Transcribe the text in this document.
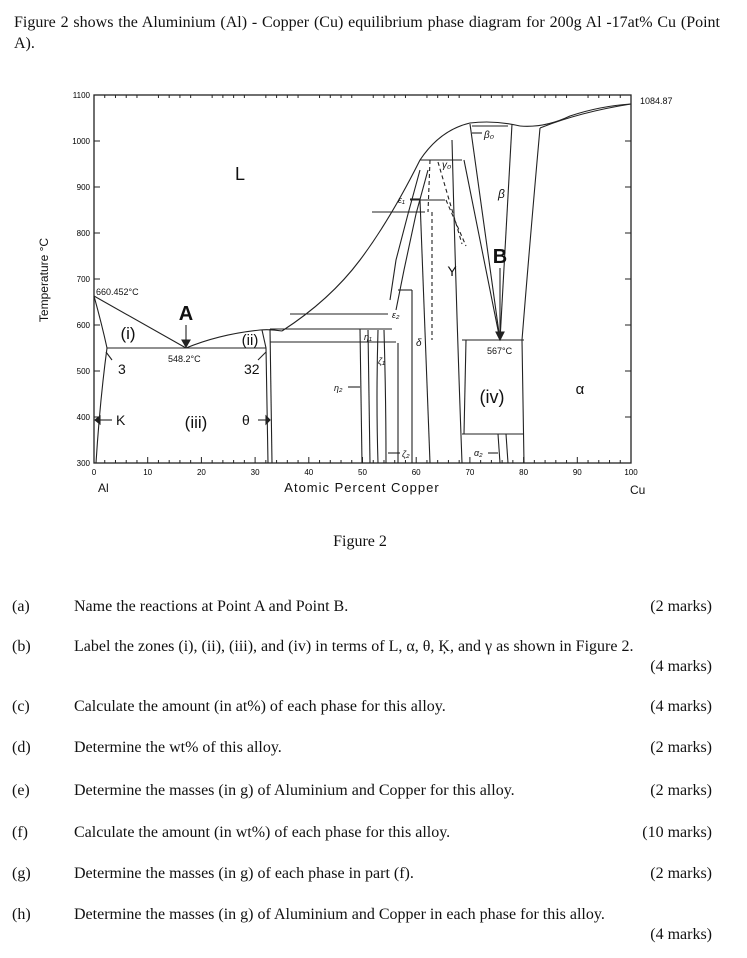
Figure 2 shows the Aluminium (Al) - Copper (Cu) equilibrium phase diagram for 200g Al -17at% Cu (Point A).
0	10	20	30	40	50	60	70	80	90	100
300
400
500
600
700
800
900
1000
1100
Temperature °C
Atomic Percent Copper
Al	Cu
660.452°C
548.2°C
567°C
1084.87
A
B
(i)	(ii)
(iii)
(iv)
L
α
Y
β
β₀
γ₀
ε₁
ε₂
η₁
η₂
ζ₁
ζ₂
δ
α₂
K	θ
3	32
Figure 2
(a)	Name the reactions at Point A and Point B.	(2 marks)
(b)	Label the zones (i), (ii), (iii), and (iv) in terms of L, α, θ, Ķ, and γ as shown in Figure 2.
(4 marks)
(c)	Calculate the amount (in at%) of each phase for this alloy.	(4 marks)
(d)	Determine the wt% of this alloy.	(2 marks)
(e)	Determine the masses (in g) of Aluminium and Copper for this alloy.	(2 marks)
(f)	Calculate the amount (in wt%) of each phase for this alloy.	(10 marks)
(g)	Determine the masses (in g) of each phase in part (f).	(2 marks)
(h)	Determine the masses (in g) of Aluminium and Copper in each phase for this alloy.
(4 marks)
